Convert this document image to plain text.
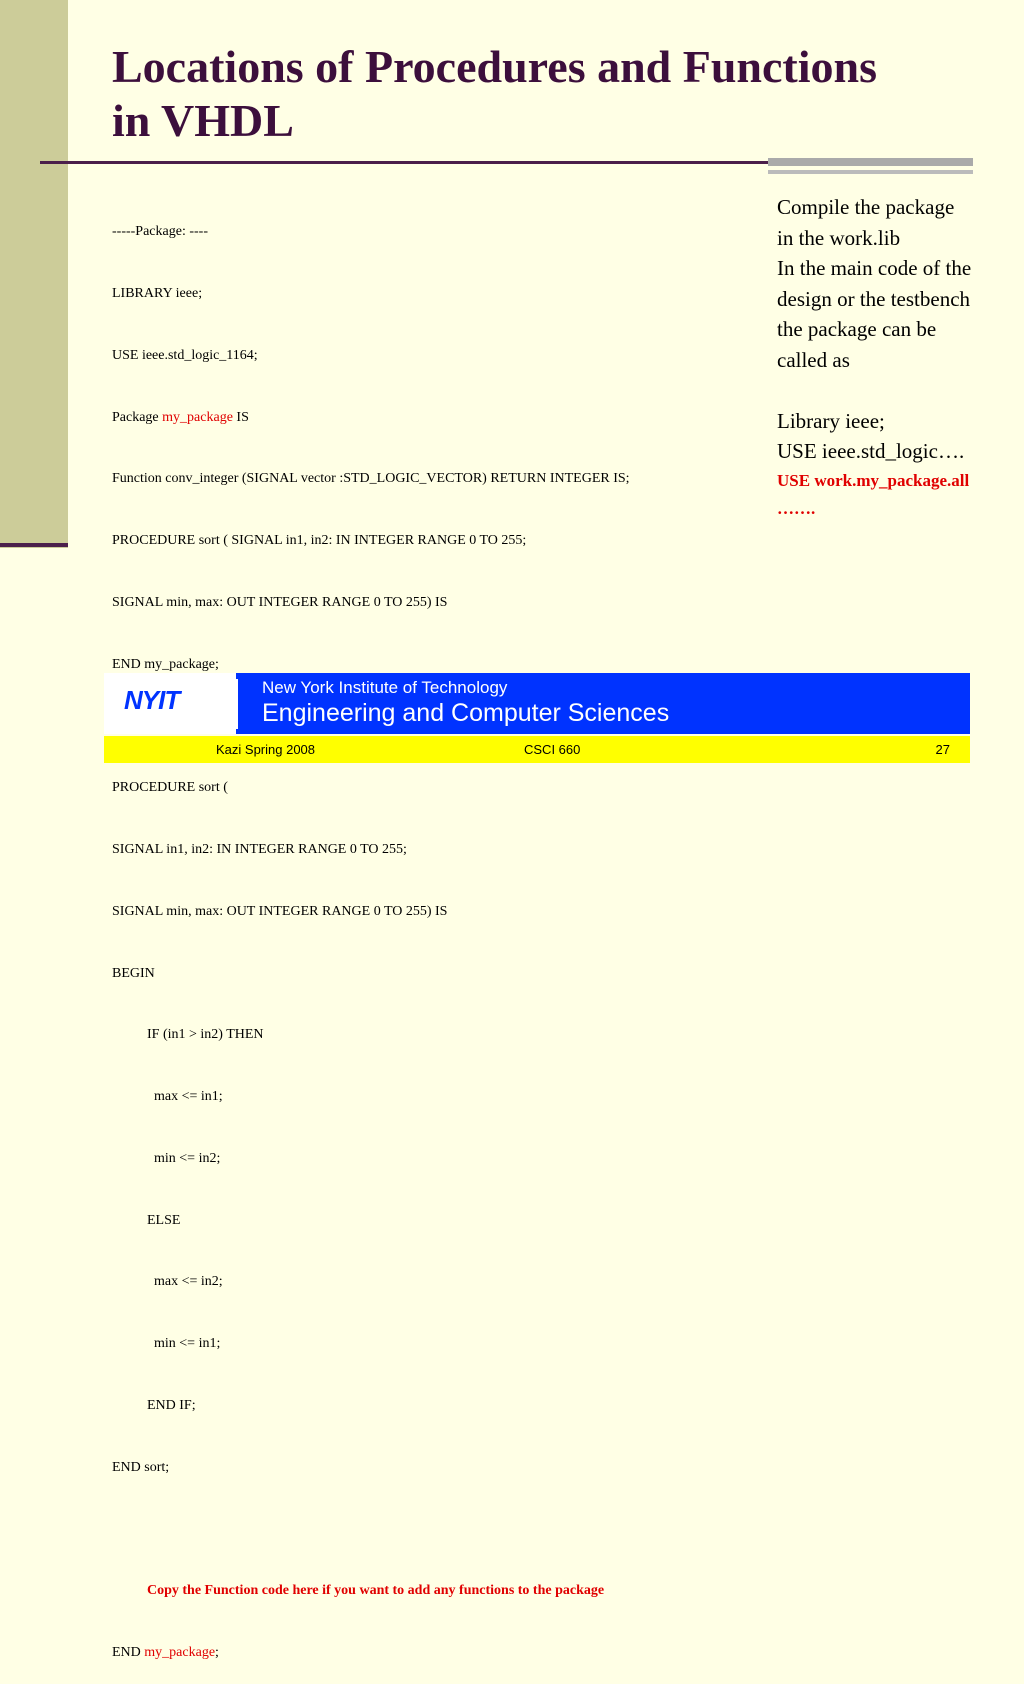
Locations of Procedures and Functions
in VHDL

-----Package: ----

LIBRARY ieee;

USE ieee.std_logic_1164;

Package my_package IS

Function conv_integer (SIGNAL vector :STD_LOGIC_VECTOR) RETURN INTEGER IS;

PROCEDURE sort ( SIGNAL in1, in2: IN INTEGER RANGE 0 TO 255;

SIGNAL min, max: OUT INTEGER RANGE 0 TO 255) IS

END my_package;

PROCEDURE sort (

SIGNAL in1, in2: IN INTEGER RANGE 0 TO 255;

SIGNAL min, max: OUT INTEGER RANGE 0 TO 255) IS

BEGIN

IF (in1 > in2) THEN

max <= in1;

min <= in2;

ELSE

max <= in2;

min <= in1;

END IF;

END sort;

Copy the Function code here if you want to add any functions to the package

END my_package;

Compile the package
in the work.lib
In the main code of the
design or the testbench
the package can be
called as
Library ieee;
USE ieee.std_logic….
USE work.my_package.all
…….
NYIT	New York Institute of Technology
Engineering and Computer Sciences
Kazi Spring 2008	CSCI 660	27
